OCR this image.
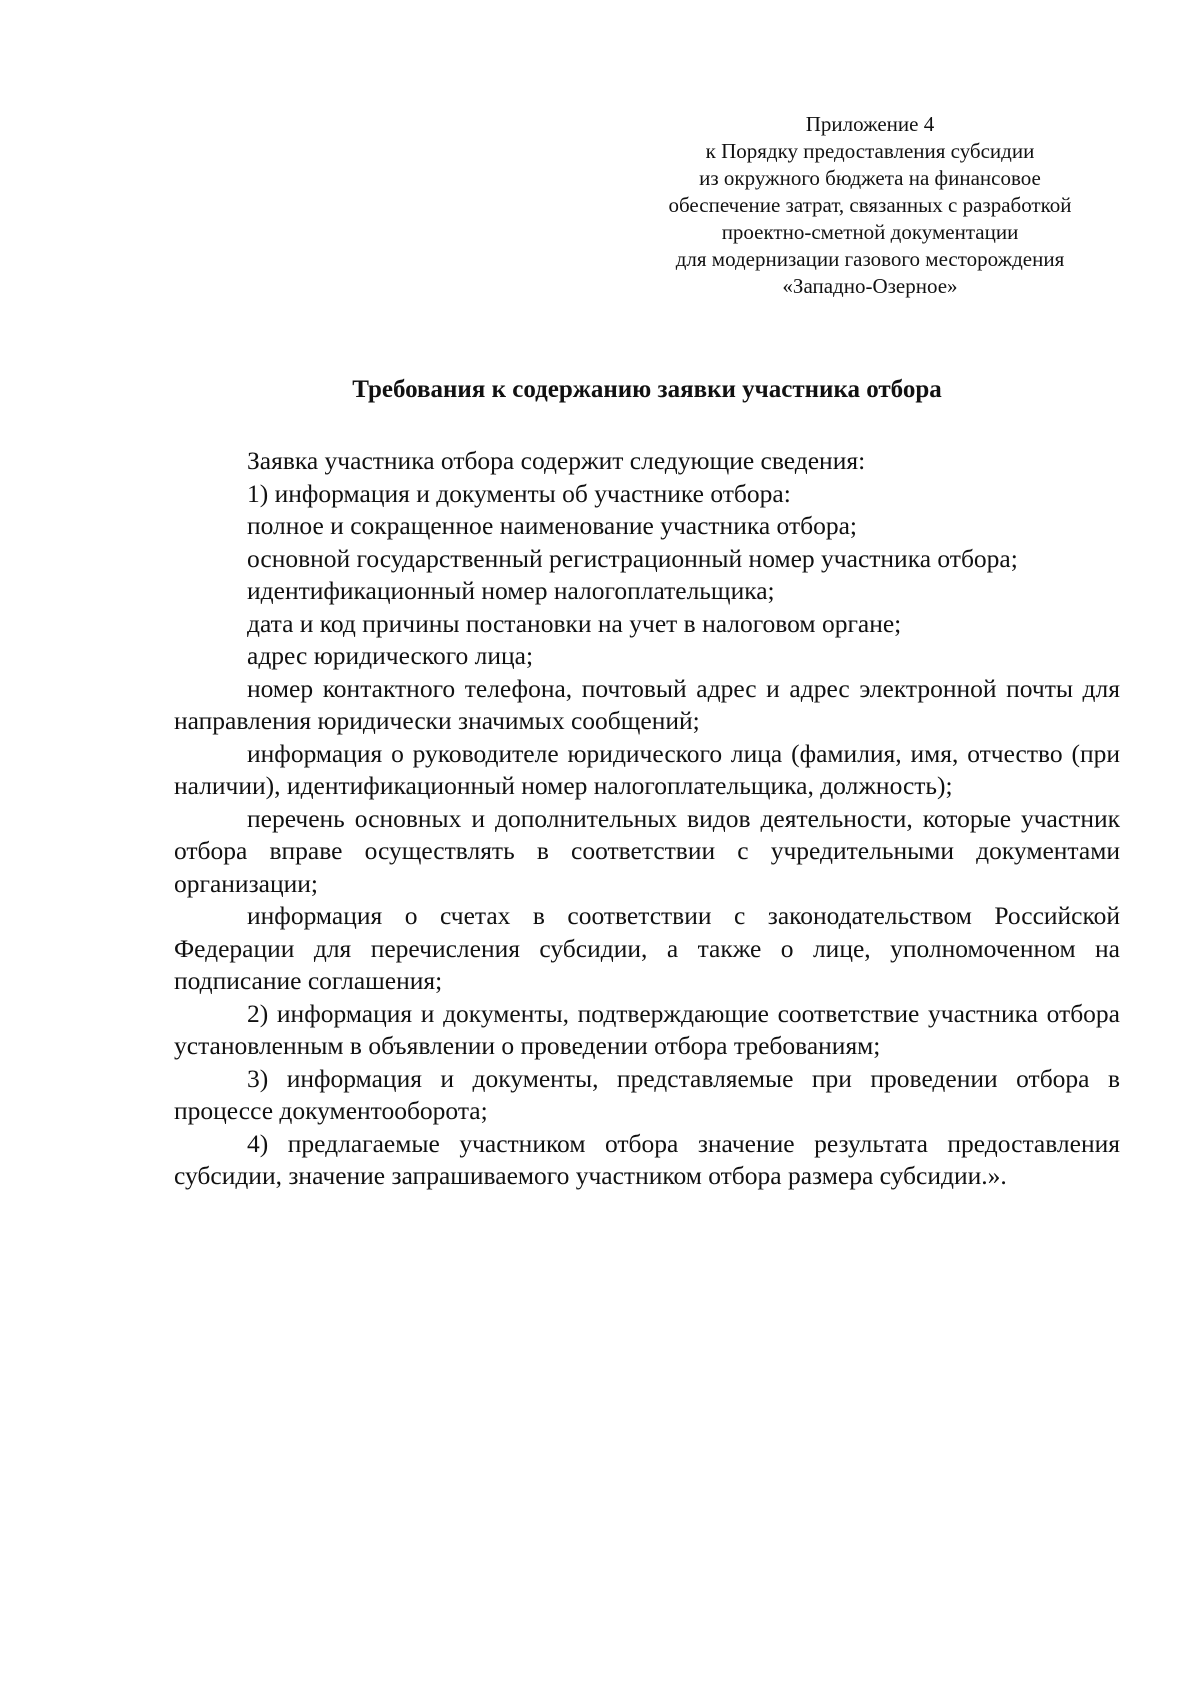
Приложение 4
к Порядку предоставления субсидии
из окружного бюджета на финансовое
обеспечение затрат, связанных с разработкой
проектно-сметной документации
для модернизации газового месторождения
«Западно-Озерное»
Требования к содержанию заявки участника отбора

Заявка участника отбора содержит следующие сведения:

1) информация и документы об участнике отбора:

полное и сокращенное наименование участника отбора;

основной государственный регистрационный номер участника отбора;

идентификационный номер налогоплательщика;

дата и код причины постановки на учет в налоговом органе;

адрес юридического лица;

номер контактного телефона, почтовый адрес и адрес электронной почты для направления юридически значимых сообщений;

информация о руководителе юридического лица (фамилия, имя, отчество (при наличии), идентификационный номер налогоплательщика, должность);

перечень основных и дополнительных видов деятельности, которые участник отбора вправе осуществлять в соответствии с учредительными документами организации;

информация о счетах в соответствии с законодательством Российской Федерации для перечисления субсидии, а также о лице, уполномоченном на подписание соглашения;

2) информация и документы, подтверждающие соответствие участника отбора установленным в объявлении о проведении отбора требованиям;

3) информация и документы, представляемые при проведении отбора в процессе документооборота;

4) предлагаемые участником отбора значение результата предоставления субсидии, значение запрашиваемого участником отбора размера субсидии.».
